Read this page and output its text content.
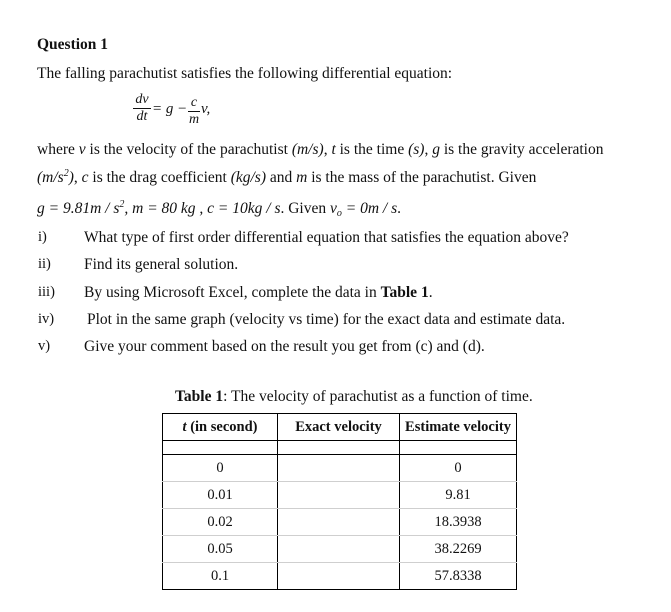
Question 1
The falling parachutist satisfies the following differential equation:
dv
dt = g − c
m
v,
where v is the velocity of the parachutist (m/s), t is the time (s), g is the gravity acceleration
$(m/s^2)$, c is the drag coefficient (kg/s) and m is the mass of the parachutist. Given
$g = 9.81m / s^2$, m = 80 kg , c = 10kg / s. Given $v_o = 0m / s$.
i) What type of first order differential equation that satisfies the equation above?
ii) Find its general solution.
iii) By using Microsoft Excel, complete the data in Table 1.
iv) Plot in the same graph (velocity vs time) for the exact data and estimate data.
v) Give your comment based on the result you get from (c) and (d).
Table 1: The velocity of parachutist as a function of time.
t (in second)	Exact velocity	Estimate velocity

0		0
0.01		9.81
0.02		18.3938
0.05		38.2269
0.1		57.8338
